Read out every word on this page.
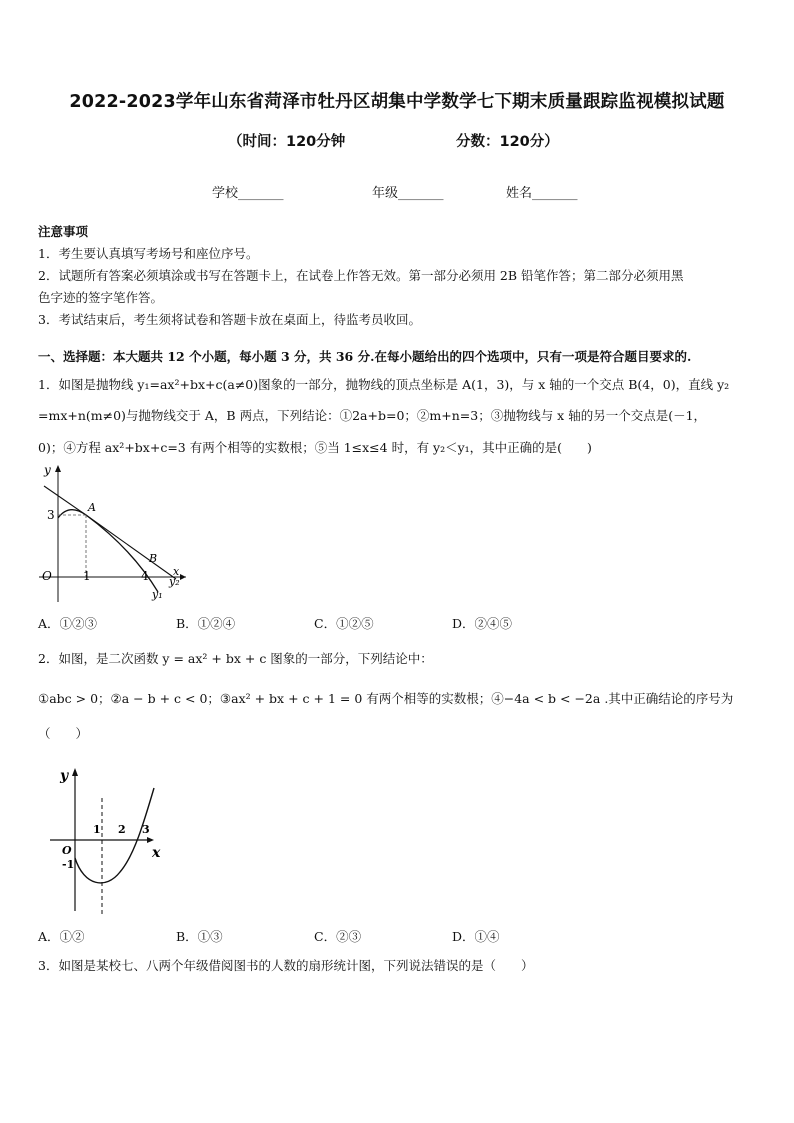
2022-2023学年山东省菏泽市牡丹区胡集中学数学七下期末质量跟踪监视模拟试题
（时间：120分钟	分数：120分）
学校_______	年级_______	姓名_______
注意事项
1．考生要认真填写考场号和座位序号。
2．试题所有答案必须填涂或书写在答题卡上，在试卷上作答无效。第一部分必须用 2B 铅笔作答；第二部分必须用黑
色字迹的签字笔作答。
3．考试结束后，考生须将试卷和答题卡放在桌面上，待监考员收回。
一、选择题：本大题共 12 个小题，每小题 3 分，共 36 分.在每小题给出的四个选项中，只有一项是符合题目要求的.
1．如图是抛物线 y₁=ax²+bx+c(a≠0)图象的一部分，抛物线的顶点坐标是 A(1，3)，与 x 轴的一个交点 B(4，0)，直线 y₂
=mx+n(m≠0)与抛物线交于 A，B 两点，下列结论：①2a+b=0；②m+n=3；③抛物线与 x 轴的另一个交点是(－1，
0)；④方程 ax²+bx+c=3 有两个相等的实数根；⑤当 1≤x≤4 时，有 y₂＜y₁，其中正确的是(　　)
y
x
O
3
1	4
A
B
y₂
y₁
A．①②③	B．①②④	C．①②⑤	D．②④⑤
2．如图，是二次函数 y = ax² + bx + c 图象的一部分，下列结论中：
①abc > 0；②a − b + c < 0；③ax² + bx + c + 1 = 0 有两个相等的实数根；④−4a < b < −2a .其中正确结论的序号为
（　　）
y
x
O
-1
1 2 3
A．①②	B．①③	C．②③	D．①④
3．如图是某校七、八两个年级借阅图书的人数的扇形统计图，下列说法错误的是（　　）
